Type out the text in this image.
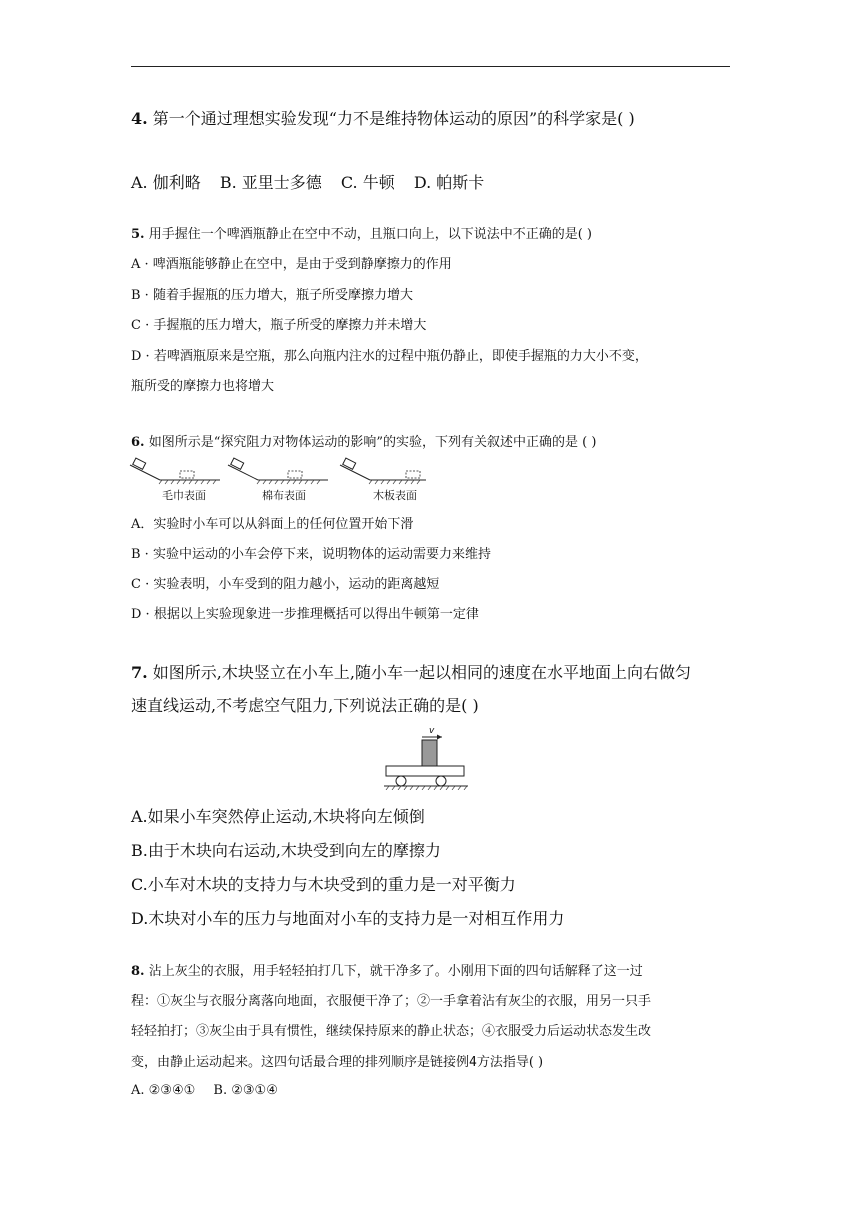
4. 第一个通过理想实验发现“力不是维持物体运动的原因”的科学家是( )
A. 伽利略 B. 亚里士多德 C. 牛顿 D. 帕斯卡
5. 用手握住一个啤酒瓶静止在空中不动，且瓶口向上，以下说法中不正确的是( )
A · 啤酒瓶能够静止在空中，是由于受到静摩擦力的作用
B · 随着手握瓶的压力增大，瓶子所受摩擦力增大
C · 手握瓶的压力增大，瓶子所受的摩擦力并未增大
D · 若啤酒瓶原来是空瓶，那么向瓶内注水的过程中瓶仍静止，即使手握瓶的力大小不变，
瓶所受的摩擦力也将增大
6. 如图所示是“探究阻力对物体运动的影响”的实验，下列有关叙述中正确的是 ( )
毛巾表面	棉布表面	木板表面
A．实验时小车可以从斜面上的任何位置开始下滑
B · 实验中运动的小车会停下来，说明物体的运动需要力来维持
C · 实验表明，小车受到的阻力越小，运动的距离越短
D · 根据以上实验现象进一步推理概括可以得出牛顿第一定律
7. 如图所示,木块竖立在小车上,随小车一起以相同的速度在水平地面上向右做匀
速直线运动,不考虑空气阻力,下列说法正确的是( )
v
A.如果小车突然停止运动,木块将向左倾倒
B.由于木块向右运动,木块受到向左的摩擦力
C.小车对木块的支持力与木块受到的重力是一对平衡力
D.木块对小车的压力与地面对小车的支持力是一对相互作用力
8. 沾上灰尘的衣服，用手轻轻拍打几下，就干净多了。小刚用下面的四句话解释了这一过
程：①灰尘与衣服分离落向地面，衣服便干净了；②一手拿着沾有灰尘的衣服，用另一只手
轻轻拍打；③灰尘由于具有惯性，继续保持原来的静止状态；④衣服受力后运动状态发生改
变，由静止运动起来。这四句话最合理的排列顺序是链接例4方法指导( )
A. ②③④① B. ②③①④
